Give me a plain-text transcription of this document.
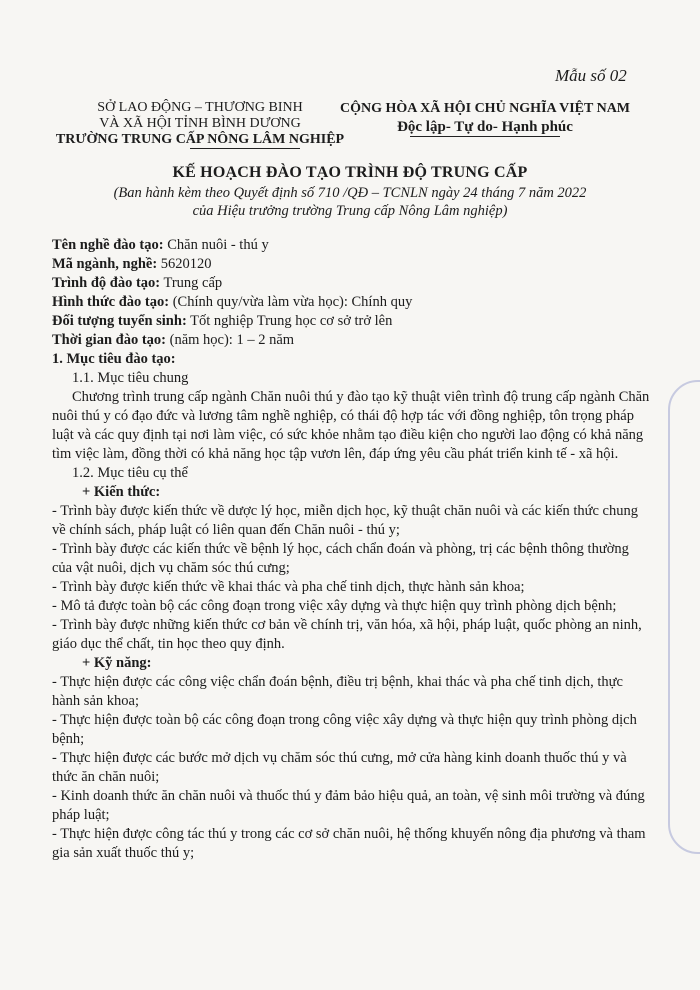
Mẫu số 02
SỞ LAO ĐỘNG – THƯƠNG BINH
VÀ XÃ HỘI TỈNH BÌNH DƯƠNG
TRƯỜNG TRUNG CẤP NÔNG LÂM NGHIỆP
CỘNG HÒA XÃ HỘI CHỦ NGHĨA VIỆT NAM
Độc lập- Tự do- Hạnh phúc
KẾ HOẠCH ĐÀO TẠO TRÌNH ĐỘ TRUNG CẤP
(Ban hành kèm theo Quyết định số 710 /QĐ – TCNLN ngày 24 tháng 7 năm 2022
của Hiệu trưởng trường Trung cấp Nông Lâm nghiệp)

Tên nghề đào tạo: Chăn nuôi - thú y

Mã ngành, nghề: 5620120

Trình độ đào tạo: Trung cấp

Hình thức đào tạo: (Chính quy/vừa làm vừa học): Chính quy

Đối tượng tuyển sinh: Tốt nghiệp Trung học cơ sở trở lên

Thời gian đào tạo: (năm học): 1 – 2 năm

1. Mục tiêu đào tạo:

1.1. Mục tiêu chung

Chương trình trung cấp ngành Chăn nuôi thú y đào tạo kỹ thuật viên trình độ trung cấp ngành Chăn nuôi thú y có đạo đức và lương tâm nghề nghiệp, có thái độ hợp tác với đồng nghiệp, tôn trọng pháp luật và các quy định tại nơi làm việc, có sức khỏe nhằm tạo điều kiện cho người lao động có khả năng tìm việc làm, đồng thời có khả năng học tập vươn lên, đáp ứng yêu cầu phát triển kinh tế - xã hội.

1.2. Mục tiêu cụ thể

+ Kiến thức:

- Trình bày được kiến thức về dược lý học, miễn dịch học, kỹ thuật chăn nuôi và các kiến thức chung về chính sách, pháp luật có liên quan đến Chăn nuôi - thú y;

- Trình bày được các kiến thức về bệnh lý học, cách chẩn đoán và phòng, trị các bệnh thông thường của vật nuôi, dịch vụ chăm sóc thú cưng;

- Trình bày được kiến thức về khai thác và pha chế tinh dịch, thực hành sản khoa;

- Mô tả được toàn bộ các công đoạn trong việc xây dựng và thực hiện quy trình phòng dịch bệnh;

- Trình bày được những kiến thức cơ bản về chính trị, văn hóa, xã hội, pháp luật, quốc phòng an ninh, giáo dục thể chất, tin học theo quy định.

+ Kỹ năng:

- Thực hiện được các công việc chẩn đoán bệnh, điều trị bệnh, khai thác và pha chế tinh dịch, thực hành sản khoa;

- Thực hiện được toàn bộ các công đoạn trong công việc xây dựng và thực hiện quy trình phòng dịch bệnh;

- Thực hiện được các bước mở dịch vụ chăm sóc thú cưng, mở cửa hàng kinh doanh thuốc thú y và thức ăn chăn nuôi;

- Kinh doanh thức ăn chăn nuôi và thuốc thú y đảm bảo hiệu quả, an toàn, vệ sinh môi trường và đúng pháp luật;

- Thực hiện được công tác thú y trong các cơ sở chăn nuôi, hệ thống khuyến nông địa phương và tham gia sản xuất thuốc thú y;
